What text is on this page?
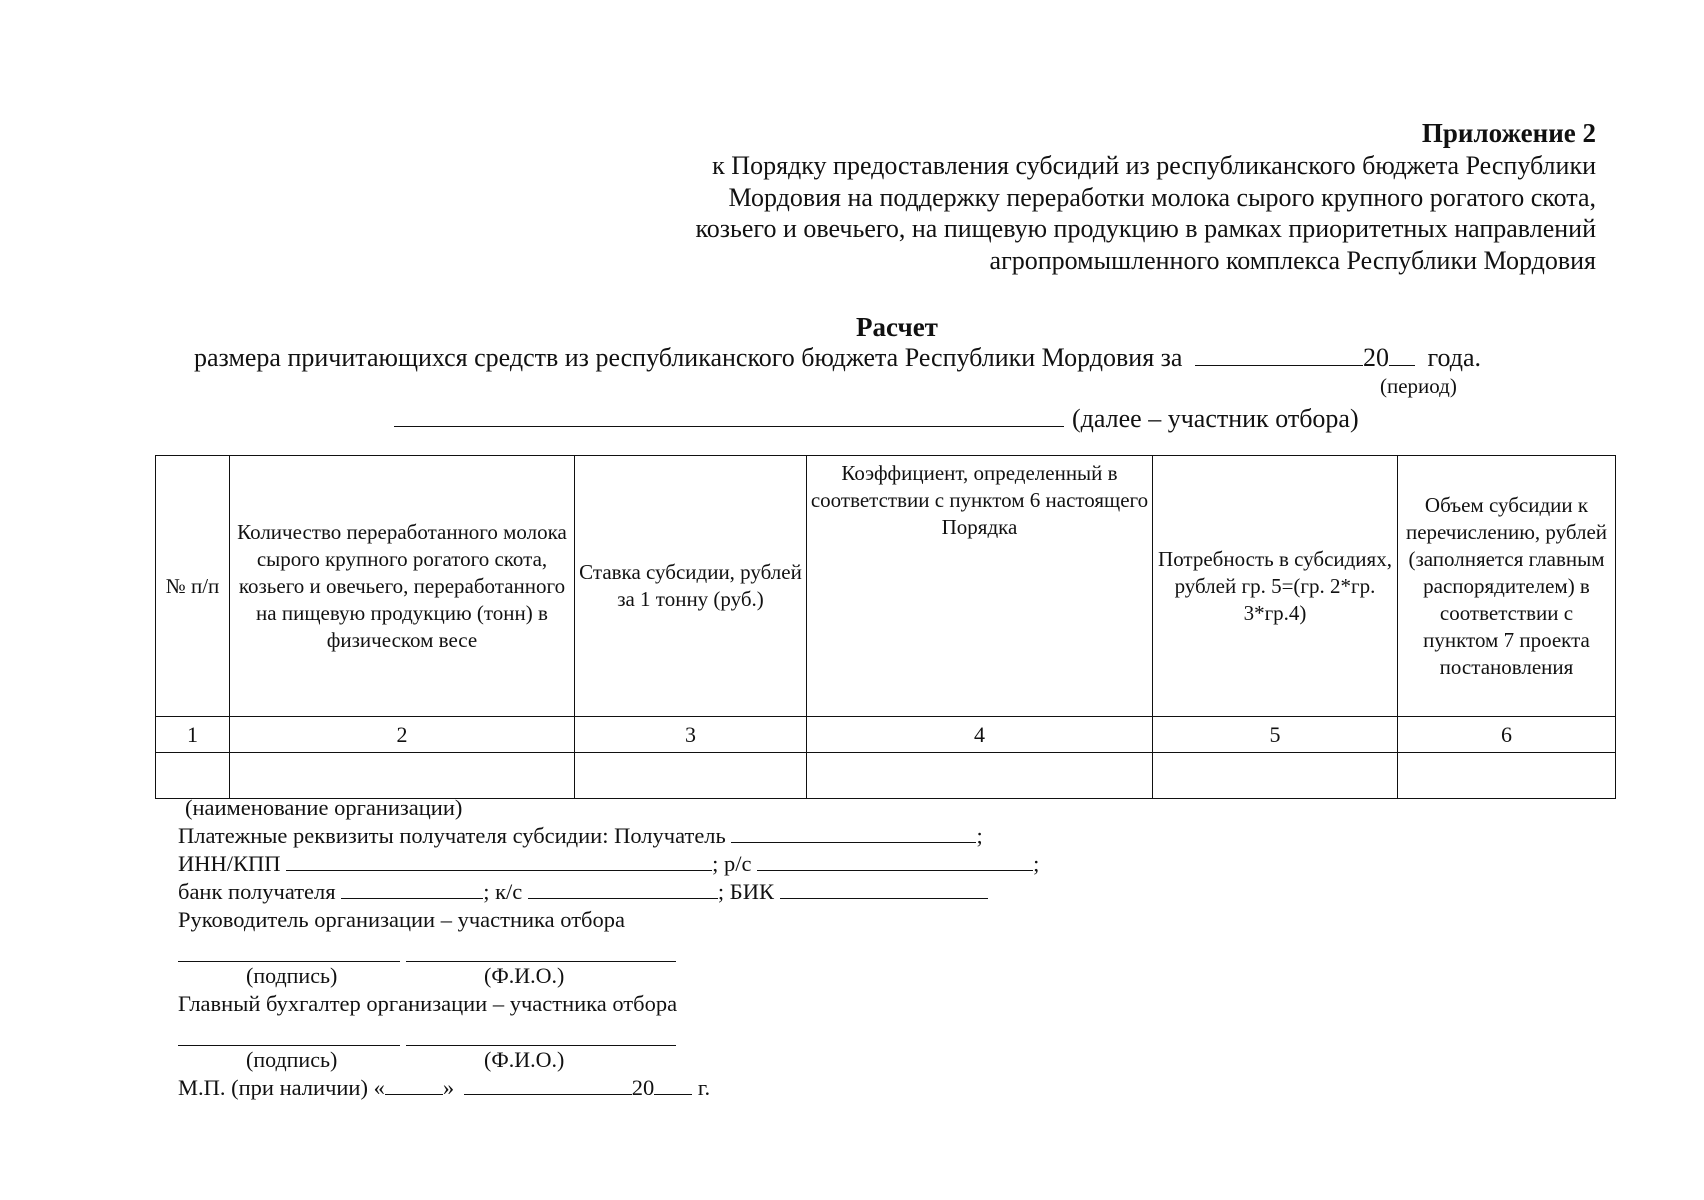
Приложение 2
к Порядку предоставления субсидий из республиканского бюджета Республики
Мордовия на поддержку переработки молока сырого крупного рогатого скота,
козьего и овечьего, на пищевую продукцию в рамках приоритетных направлений
агропромышленного комплекса Республики Мордовия
Расчет
размера причитающихся средств из республиканского бюджета Республики Мордовия за	20 года.
(период)
(далее – участник отбора)
№ п/п	Количество переработанного молока сырого крупного рогатого скота, козьего и овечьего, переработанного на пищевую продукцию (тонн) в физическом весе	Ставка субсидии, рублей за 1 тонну (руб.)	Коэффициент, определенный в соответствии с пунктом 6 настоящего Порядка	Потребность в субсидиях, рублей гр. 5=(гр. 2*гр. 3*гр.4)	Объем субсидии к перечислению, рублей (заполняется главным распорядителем) в соответствии с пунктом 7 проекта постановления
1	2	3	4	5	6

(наименование организации)
Платежные реквизиты получателя субсидии: Получатель	;
ИНН/КПП	; р/с	;
банк получателя	; к/с	; БИК
Руководитель организации – участника отбора
(подпись)	(Ф.И.О.)
Главный бухгалтер организации – участника отбора
(подпись)	(Ф.И.О.)
М.П. (при наличии) «	»	20 г.
